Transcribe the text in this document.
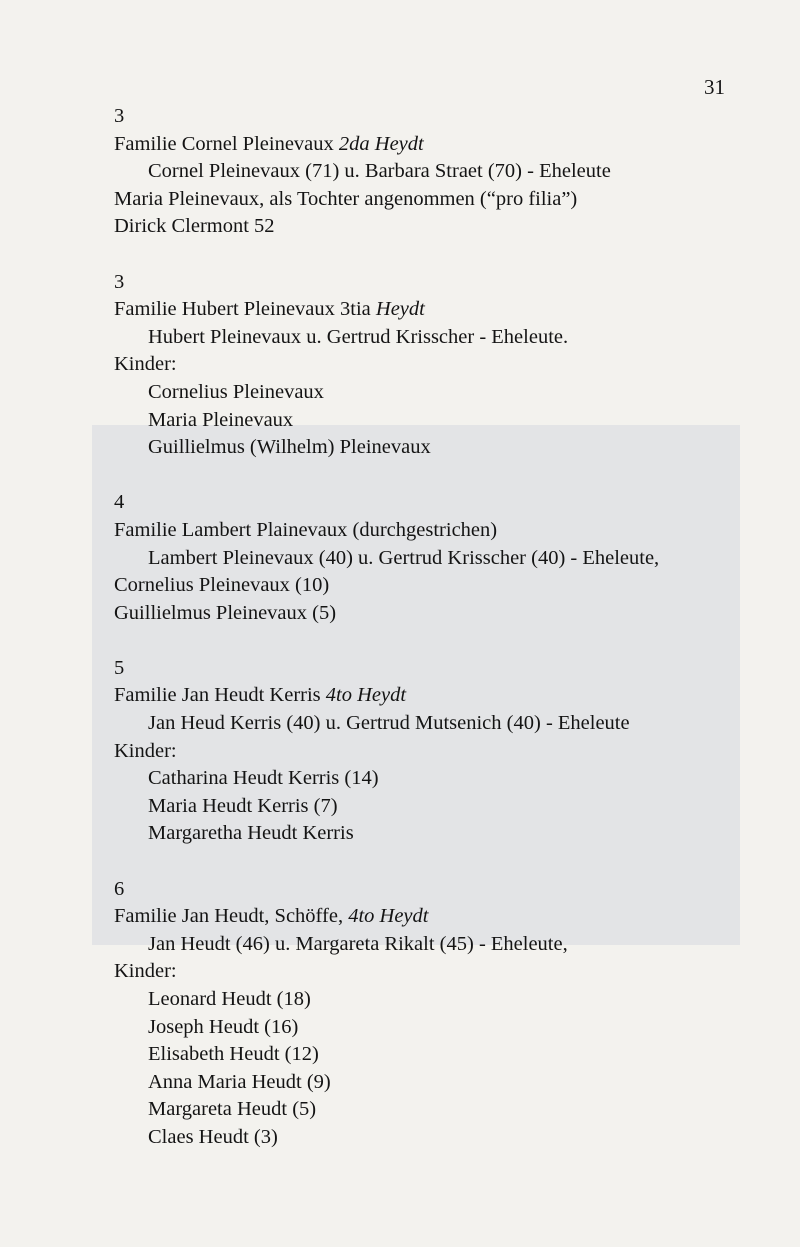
31
3
Familie Cornel Pleinevaux 2da Heydt
Cornel Pleinevaux (71) u. Barbara Straet (70) - Eheleute
Maria Pleinevaux, als Tochter angenommen (“pro filia”)
Dirick Clermont 52
3
Familie Hubert Pleinevaux 3tia Heydt
Hubert Pleinevaux u. Gertrud Krisscher - Eheleute.
Kinder:
Cornelius Pleinevaux
Maria Pleinevaux
Guillielmus (Wilhelm) Pleinevaux
4
Familie Lambert Plainevaux (durchgestrichen)
Lambert Pleinevaux (40) u. Gertrud Krisscher (40) - Eheleute,
Cornelius Pleinevaux (10)
Guillielmus Pleinevaux (5)
5
Familie Jan Heudt Kerris 4to Heydt
Jan Heud Kerris (40) u. Gertrud Mutsenich (40) - Eheleute
Kinder:
Catharina Heudt Kerris (14)
Maria Heudt Kerris (7)
Margaretha Heudt Kerris
6
Familie Jan Heudt, Schöffe, 4to Heydt
Jan Heudt (46) u. Margareta Rikalt (45) - Eheleute,
Kinder:
Leonard Heudt (18)
Joseph Heudt (16)
Elisabeth Heudt (12)
Anna Maria Heudt (9)
Margareta Heudt (5)
Claes Heudt (3)
